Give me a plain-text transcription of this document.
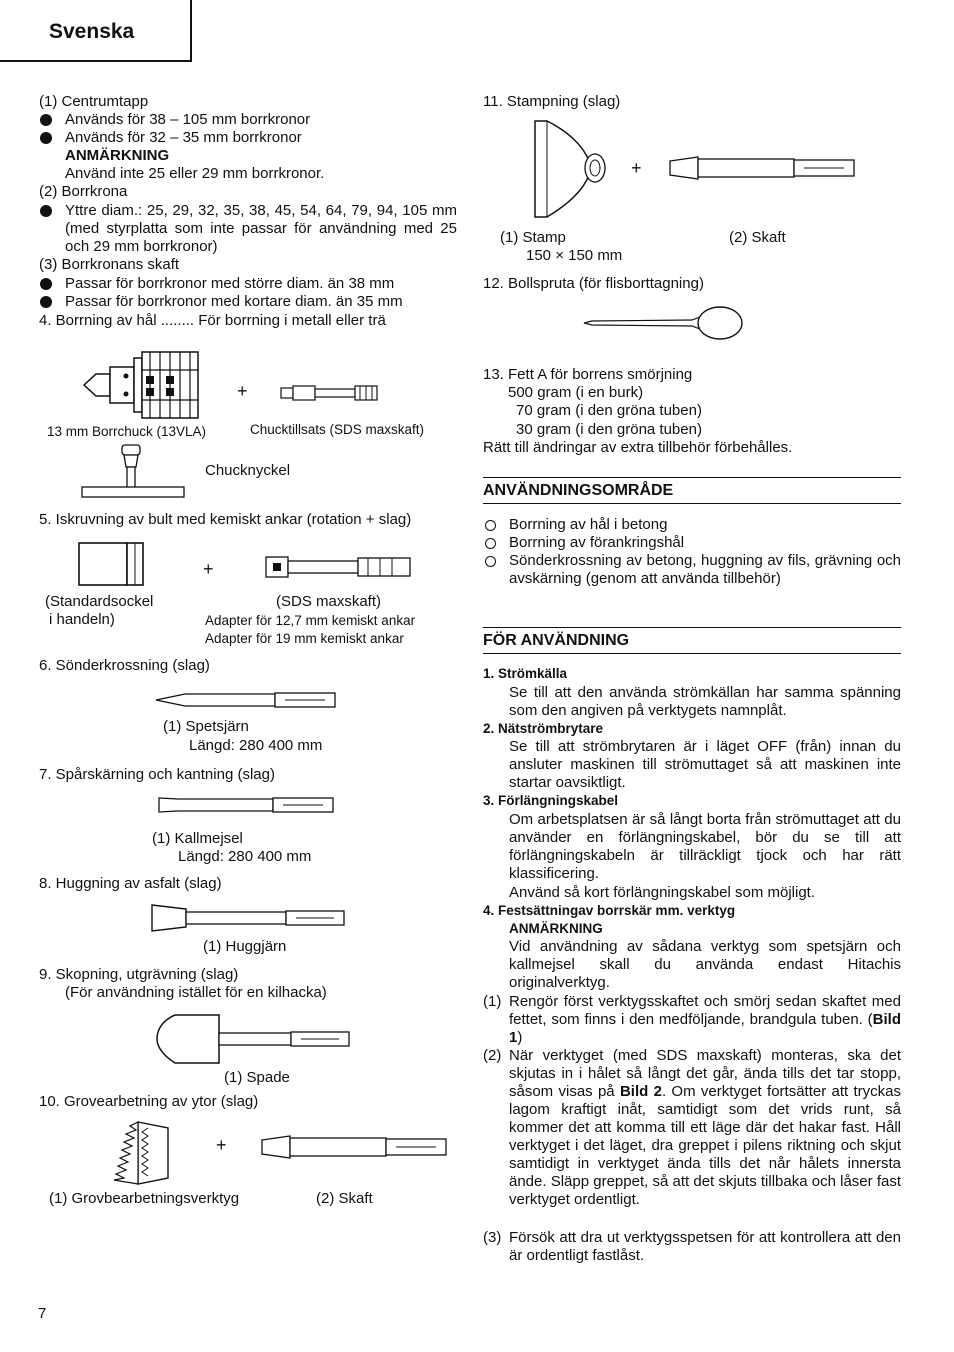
Svenska
(1) Centrumtapp
Används för 38 – 105 mm borrkronor
Används för 32 – 35 mm borrkronor
ANMÄRKNING
Använd inte 25 eller 29 mm borrkronor.
(2) Borrkrona
Yttre diam.: 25, 29, 32, 35, 38, 45, 54, 64, 79, 94, 105 mm (med styrplatta som inte passar för användning med 25 och 29 mm borrkronor)
(3) Borrkronans skaft
Passar för borrkronor med större diam. än 38 mm
Passar för borrkronor med kortare diam. än 35 mm
4. Borrning av hål ........ För borrning i metall eller trä
+
13 mm Borrchuck (13VLA)	Chucktillsats (SDS maxskaft)
Chucknyckel
5. Iskruvning av bult med kemiskt ankar (rotation + slag)
+
(Standardsockel
i handeln)
(SDS maxskaft)
Adapter för 12,7 mm kemiskt ankar
Adapter för 19 mm kemiskt ankar
6. Sönderkrossning (slag)
(1) Spetsjärn
Längd: 280 400 mm
7. Spårskärning och kantning (slag)
(1) Kallmejsel
Längd: 280 400 mm
8. Huggning av asfalt (slag)
(1) Huggjärn
9. Skopning, utgrävning (slag)
(För användning istället för en kilhacka)
(1) Spade
10. Grovearbetning av ytor (slag)
+
(1) Grovbearbetningsverktyg	(2) Skaft
11. Stampning (slag)
+
(1) Stamp
150 × 150 mm
(2) Skaft
12. Bollspruta (för flisborttagning)
13. Fett A för borrens smörjning
500 gram (i en burk)
70 gram (i den gröna tuben)
30 gram (i den gröna tuben)
Rätt till ändringar av extra tillbehör förbehålles.
ANVÄNDNINGSOMRÅDE
Borrning av hål i betong
Borrning av förankringshål
Sönderkrossning av betong, huggning av fils, grävning och avskärning (genom att använda tillbehör)
FÖR ANVÄNDNING
1. Strömkälla
Se till att den använda strömkällan har samma spänning som den angiven på verktygets namnplåt.
2. Nätströmbrytare
Se till att strömbrytaren är i läget OFF (från) innan du ansluter maskinen till strömuttaget så att maskinen inte startar oavsiktligt.
3. Förlängningskabel
Om arbetsplatsen är så långt borta från strömuttaget att du använder en förlängningskabel, bör du se till att förlängningskabeln är tillräckligt tjock och har rätt klassificering.
Använd så kort förlängningskabel som möjligt.
4. Festsättningav borrskär mm. verktyg
ANMÄRKNING
Vid användning av sådana verktyg som spetsjärn och kallmejsel skall du använda endast Hitachis originalverktyg.
(1) Rengör först verktygsskaftet och smörj sedan skaftet med fettet, som finns i den medföljande, brandgula tuben. (Bild 1)
(2) När verktyget (med SDS maxskaft) monteras, ska det skjutas in i hålet så långt det går, ända tills det tar stopp, såsom visas på Bild 2. Om verktyget fortsätter att tryckas lagom kraftigt inåt, samtidigt som det vrids runt, så kommer det att komma till ett läge där det hakar fast. Håll verktyget i det läget, dra greppet i pilens riktning och skjut samtidigt in verktyget ända tills det når hålets innersta ände. Släpp greppet, så att det skjuts tillbaka och låser fast verktyget ordentligt.
(3) Försök att dra ut verktygsspetsen för att kontrollera att den är ordentligt fastlåst.
7
